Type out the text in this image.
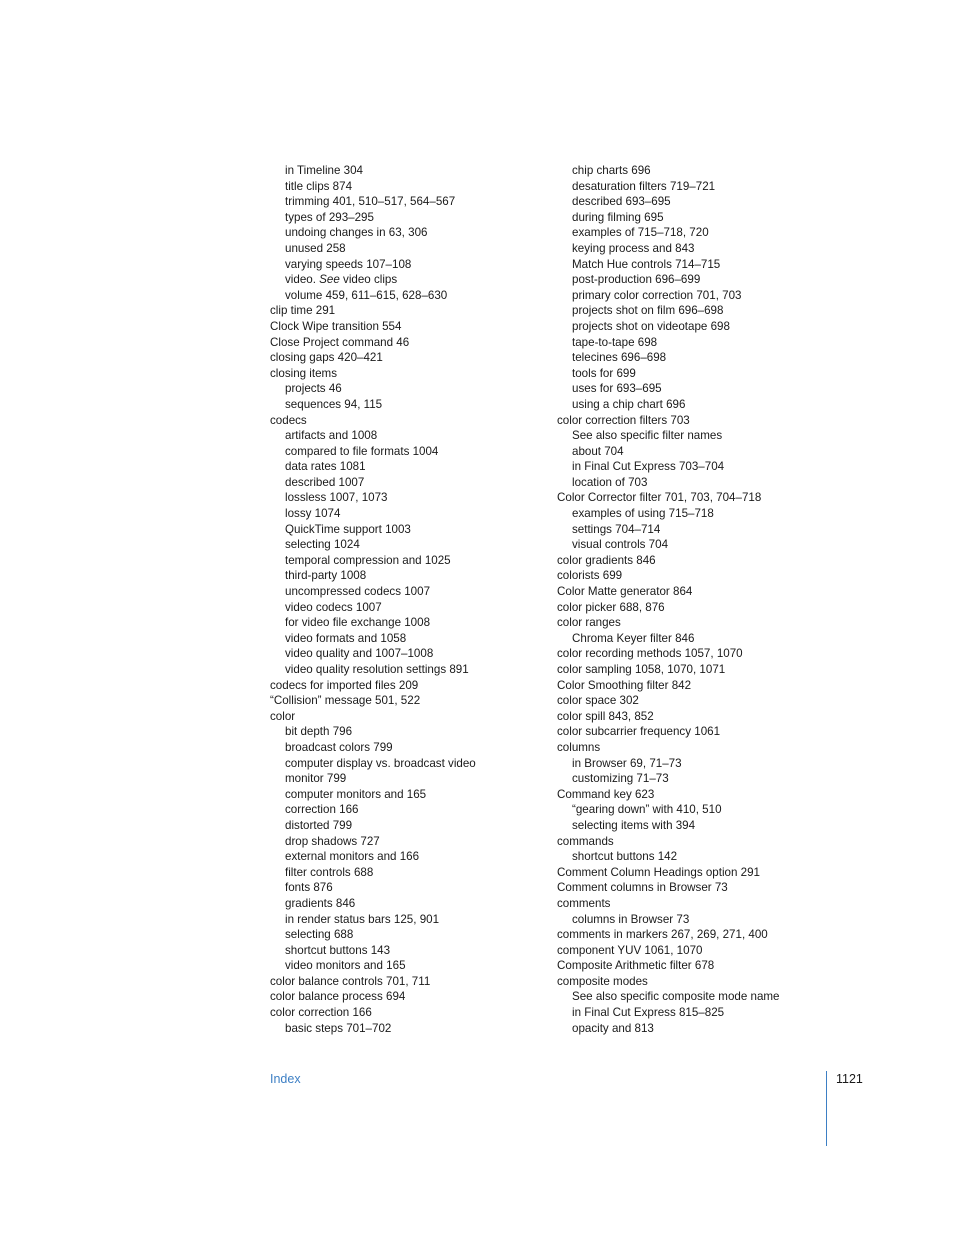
in Timeline 304
title clips 874
trimming 401, 510–517, 564–567
types of 293–295
undoing changes in 63, 306
unused 258
varying speeds 107–108
video. See video clips
volume 459, 611–615, 628–630
clip time 291
Clock Wipe transition 554
Close Project command 46
closing gaps 420–421
closing items
projects 46
sequences 94, 115
codecs
artifacts and 1008
compared to file formats 1004
data rates 1081
described 1007
lossless 1007, 1073
lossy 1074
QuickTime support 1003
selecting 1024
temporal compression and 1025
third-party 1008
uncompressed codecs 1007
video codecs 1007
for video file exchange 1008
video formats and 1058
video quality and 1007–1008
video quality resolution settings 891
codecs for imported files 209
“Collision” message 501, 522
color
bit depth 796
broadcast colors 799
computer display vs. broadcast video
monitor 799
computer monitors and 165
correction 166
distorted 799
drop shadows 727
external monitors and 166
filter controls 688
fonts 876
gradients 846
in render status bars 125, 901
selecting 688
shortcut buttons 143
video monitors and 165
color balance controls 701, 711
color balance process 694
color correction 166
basic steps 701–702
chip charts 696
desaturation filters 719–721
described 693–695
during filming 695
examples of 715–718, 720
keying process and 843
Match Hue controls 714–715
post-production 696–699
primary color correction 701, 703
projects shot on film 696–698
projects shot on videotape 698
tape-to-tape 698
telecines 696–698
tools for 699
uses for 693–695
using a chip chart 696
color correction filters 703
See also specific filter names
about 704
in Final Cut Express 703–704
location of 703
Color Corrector filter 701, 703, 704–718
examples of using 715–718
settings 704–714
visual controls 704
color gradients 846
colorists 699
Color Matte generator 864
color picker 688, 876
color ranges
Chroma Keyer filter 846
color recording methods 1057, 1070
color sampling 1058, 1070, 1071
Color Smoothing filter 842
color space 302
color spill 843, 852
color subcarrier frequency 1061
columns
in Browser 69, 71–73
customizing 71–73
Command key 623
“gearing down” with 410, 510
selecting items with 394
commands
shortcut buttons 142
Comment Column Headings option 291
Comment columns in Browser 73
comments
columns in Browser 73
comments in markers 267, 269, 271, 400
component YUV 1061, 1070
Composite Arithmetic filter 678
composite modes
See also specific composite mode name
in Final Cut Express 815–825
opacity and 813
Index	1121
